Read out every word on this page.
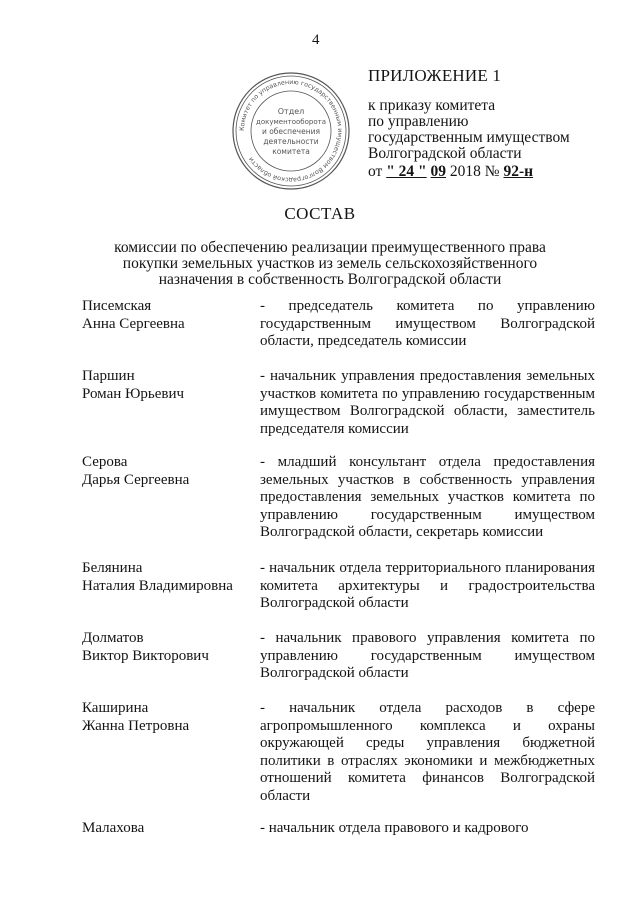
4
Комитет по управлению государственным имуществом Волгоградской области
Отдел
документооборота
и обеспечения
деятельности
комитета
ПРИЛОЖЕНИЕ 1
к приказу комитета
по управлению
государственным имуществом
Волгоградской области
от " 24 " 09 2018 № 92-н
СОСТАВ
комиссии по обеспечению реализации преимущественного права покупки земельных участков из земель сельскохозяйственного назначения в собственность Волгоградской области
Писемская
Анна Сергеевна
- председатель комитета по управлению государственным имуществом Волгоградской области, председатель комиссии
Паршин
Роман Юрьевич
- начальник управления предоставления земельных участков комитета по управлению государственным имуществом Волгоградской области, заместитель председателя комиссии
Серова
Дарья Сергеевна
- младший консультант отдела предоставления земельных участков в собственность управления предоставления земельных участков комитета по управлению государственным имуществом Волгоградской области, секретарь комиссии
Белянина
Наталия Владимировна
- начальник отдела территориального планирования комитета архитектуры и градостроительства Волгоградской области
Долматов
Виктор Викторович
- начальник правового управления комитета по управлению государственным имуществом Волгоградской области
Каширина
Жанна Петровна
- начальник отдела расходов в сфере агропромышленного комплекса и охраны окружающей среды управления бюджетной политики в отраслях экономики и межбюджетных отношений комитета финансов Волгоградской области
Малахова	- начальник отдела правового и кадрового
